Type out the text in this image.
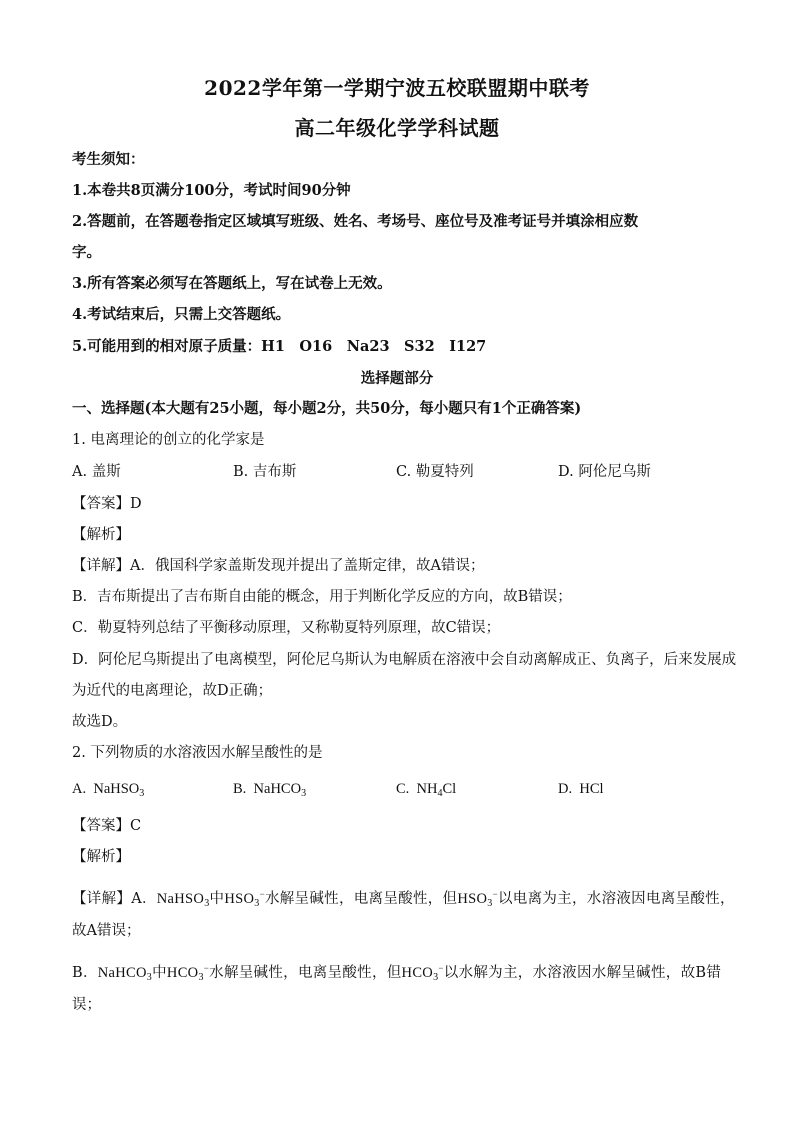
2022学年第一学期宁波五校联盟期中联考
高二年级化学学科试题
考生须知：
1.本卷共8页满分100分，考试时间90分钟
2.答题前，在答题卷指定区域填写班级、姓名、考场号、座位号及准考证号并填涂相应数
字。
3.所有答案必须写在答题纸上，写在试卷上无效。
4.考试结束后，只需上交答题纸。
5.可能用到的相对原子质量：H1　O16　Na23　S32　I127
选择题部分
一、选择题(本大题有25小题，每小题2分，共50分，每小题只有1个正确答案)
1. 电离理论的创立的化学家是
A. 盖斯	B. 吉布斯	C. 勒夏特列	D. 阿伦尼乌斯
【答案】D
【解析】
【详解】A．俄国科学家盖斯发现并提出了盖斯定律，故A错误；
B．吉布斯提出了吉布斯自由能的概念，用于判断化学反应的方向，故B错误；
C．勒夏特列总结了平衡移动原理，又称勒夏特列原理，故C错误；
D．阿伦尼乌斯提出了电离模型，阿伦尼乌斯认为电解质在溶液中会自动离解成正、负离子，后来发展成
为近代的电离理论，故D正确；
故选D。
2. 下列物质的水溶液因水解呈酸性的是
A. NaHSO$_3$	B. NaHCO$_3$	C. $NH_4Cl$	D. HCl
【答案】C
【解析】
【详解】A．NaHSO$_3$中$HSO_3^-$水解呈碱性，电离呈酸性，但$HSO_3^-$以电离为主，水溶液因电离呈酸性，
故A错误；
B．NaHCO$_3$中$HCO_3^-$水解呈碱性，电离呈酸性，但$HCO_3^-$以水解为主，水溶液因水解呈碱性，故B错
误；
